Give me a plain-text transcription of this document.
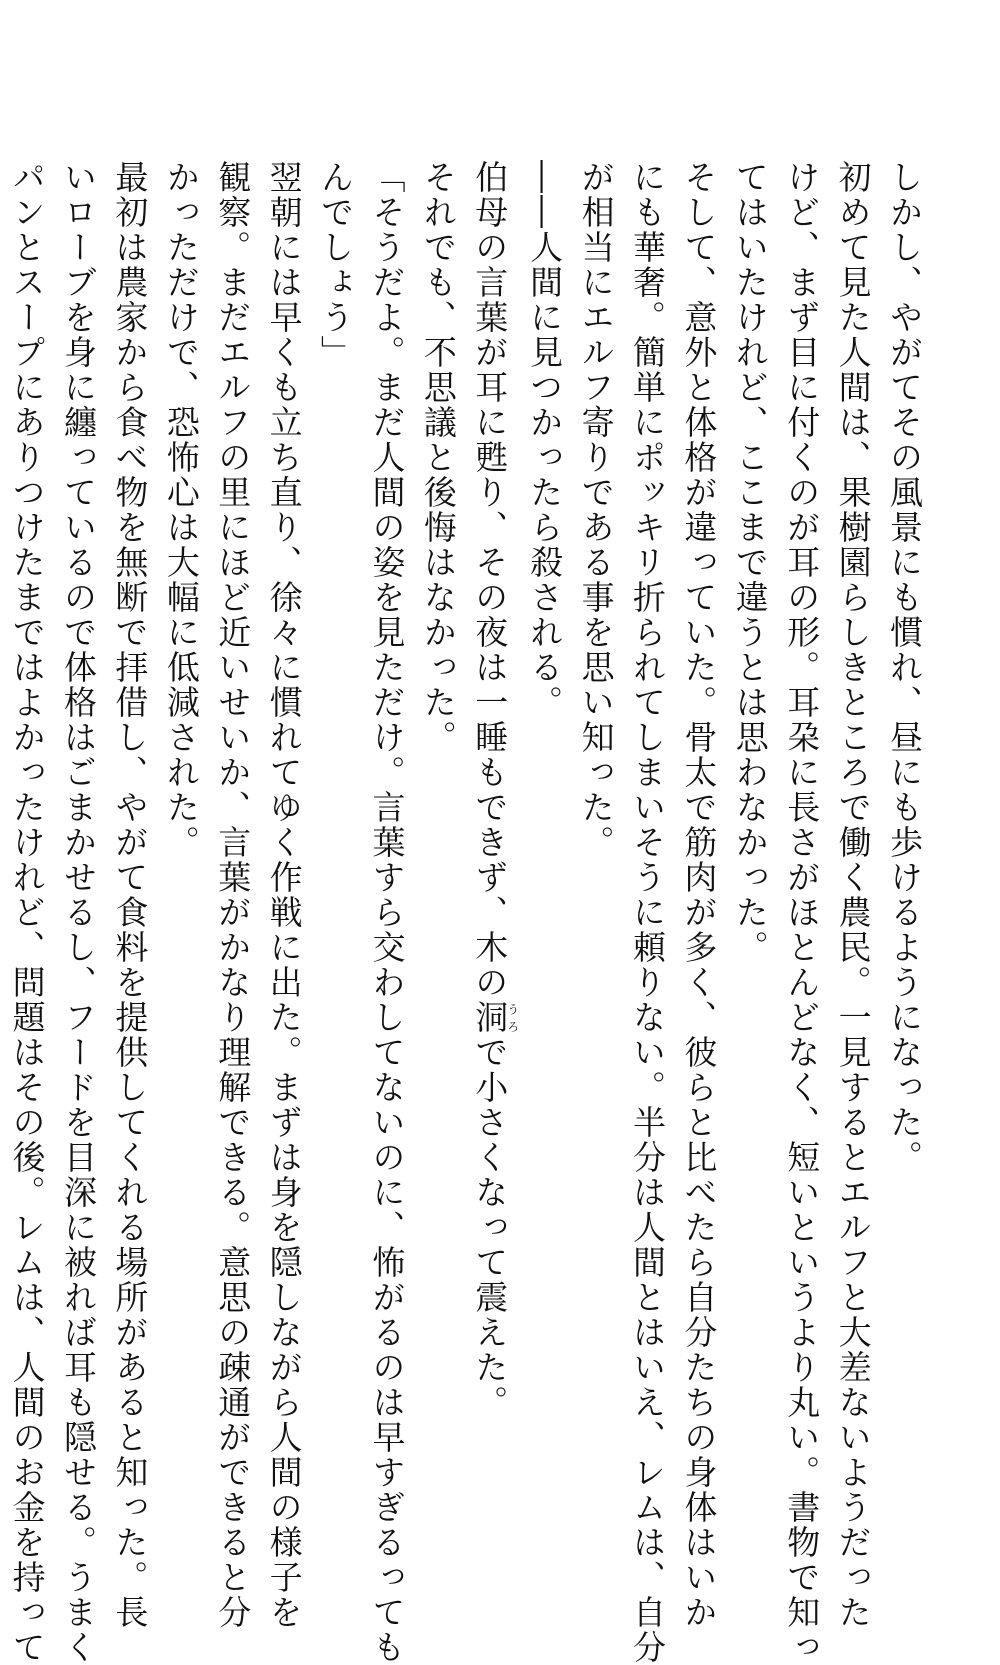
しかし、やがてその風景にも慣れ、昼にも歩けるようになった。
初めて見た人間は、果樹園らしきところで働く農民。一見するとエルフと大差ないようだった
けど、まず目に付くのが耳の形。耳朶に長さがほとんどなく、短いというより丸い。書物で知っ
てはいたけれど、ここまで違うとは思わなかった。
そして、意外と体格が違っていた。骨太で筋肉が多く、彼らと比べたら自分たちの身体はいか
にも華奢。簡単にポッキリ折られてしまいそうに頼りない。半分は人間とはいえ、レムは、自分
が相当にエルフ寄りである事を思い知った。
――人間に見つかったら殺される。
伯母の言葉が耳に甦り、その夜は一睡もできず、木の洞うろで小さくなって震えた。
それでも、不思議と後悔はなかった。
「そうだよ。まだ人間の姿を見ただけ。言葉すら交わしてないのに、怖がるのは早すぎるっても
んでしょう」
翌朝には早くも立ち直り、徐々に慣れてゆく作戦に出た。まずは身を隠しながら人間の様子を
観察。まだエルフの里にほど近いせいか、言葉がかなり理解できる。意思の疎通ができると分
かっただけで、恐怖心は大幅に低減された。
最初は農家から食べ物を無断で拝借し、やがて食料を提供してくれる場所があると知った。長
いローブを身に纏っているので体格はごまかせるし、フードを目深に被れば耳も隠せる。うまく
パンとスープにありつけたまではよかったけれど、問題はその後。レムは、人間のお金を持って
